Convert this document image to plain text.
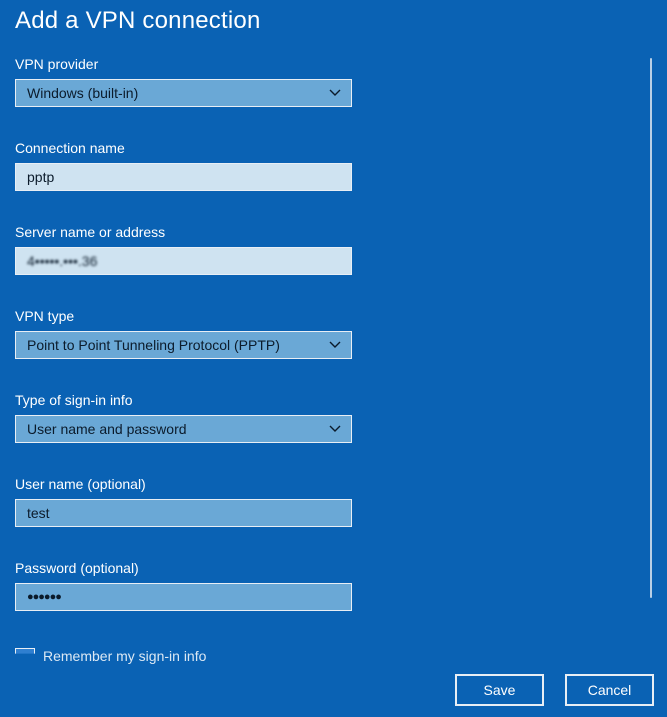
Add a VPN connection
VPN provider
Windows (built-in)
Connection name
pptp
Server name or address
4•••••.•••.36
VPN type
Point to Point Tunneling Protocol (PPTP)
Type of sign-in info
User name and password
User name (optional)
test
Password (optional)
●●●●●●
Remember my sign-in info
Save	Cancel
